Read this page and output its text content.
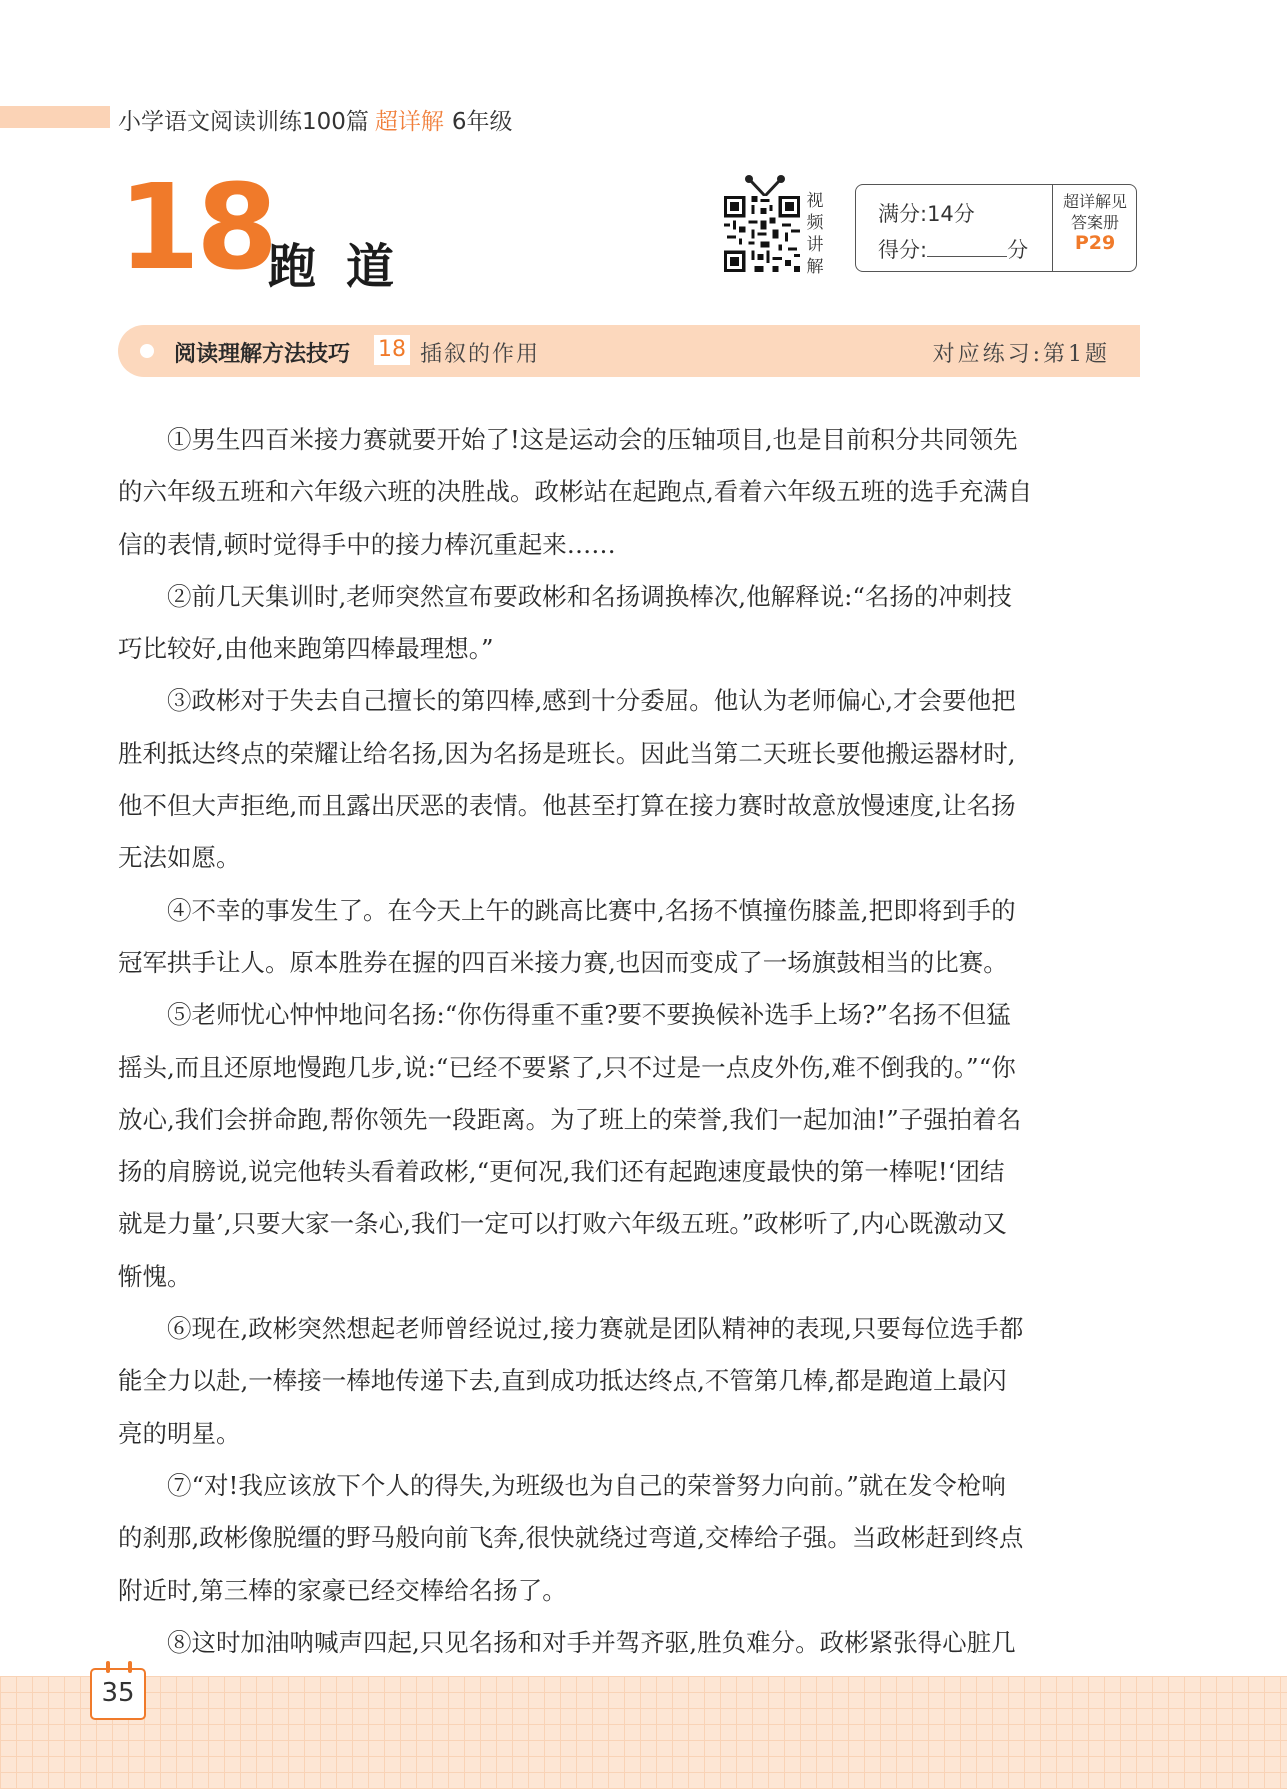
小学语文阅读训练100篇 超详解 6年级
18
跑道
视
频
讲
解
满分:14分
得分:	分
超详解见
答案册
P29
阅读理解方法技巧 18 插叙的作用	对应练习:第1题

①男生四百米接力赛就要开始了!这是运动会的压轴项目,也是目前积分共同领先
的六年级五班和六年级六班的决胜战。政彬站在起跑点,看着六年级五班的选手充满自
信的表情,顿时觉得手中的接力棒沉重起来……

②前几天集训时,老师突然宣布要政彬和名扬调换棒次,他解释说:“名扬的冲刺技
巧比较好,由他来跑第四棒最理想。”

③政彬对于失去自己擅长的第四棒,感到十分委屈。他认为老师偏心,才会要他把
胜利抵达终点的荣耀让给名扬,因为名扬是班长。因此当第二天班长要他搬运器材时,
他不但大声拒绝,而且露出厌恶的表情。他甚至打算在接力赛时故意放慢速度,让名扬
无法如愿。

④不幸的事发生了。在今天上午的跳高比赛中,名扬不慎撞伤膝盖,把即将到手的
冠军拱手让人。原本胜券在握的四百米接力赛,也因而变成了一场旗鼓相当的比赛。

⑤老师忧心忡忡地问名扬:“你伤得重不重?要不要换候补选手上场?”名扬不但猛
摇头,而且还原地慢跑几步,说:“已经不要紧了,只不过是一点皮外伤,难不倒我的。”“你
放心,我们会拼命跑,帮你领先一段距离。为了班上的荣誉,我们一起加油!”子强拍着名
扬的肩膀说,说完他转头看着政彬,“更何况,我们还有起跑速度最快的第一棒呢!‘团结
就是力量’,只要大家一条心,我们一定可以打败六年级五班。”政彬听了,内心既激动又
惭愧。

⑥现在,政彬突然想起老师曾经说过,接力赛就是团队精神的表现,只要每位选手都
能全力以赴,一棒接一棒地传递下去,直到成功抵达终点,不管第几棒,都是跑道上最闪
亮的明星。

⑦“对!我应该放下个人的得失,为班级也为自己的荣誉努力向前。”就在发令枪响
的刹那,政彬像脱缰的野马般向前飞奔,很快就绕过弯道,交棒给子强。当政彬赶到终点
附近时,第三棒的家豪已经交棒给名扬了。

⑧这时加油呐喊声四起,只见名扬和对手并驾齐驱,胜负难分。政彬紧张得心脏几

35
